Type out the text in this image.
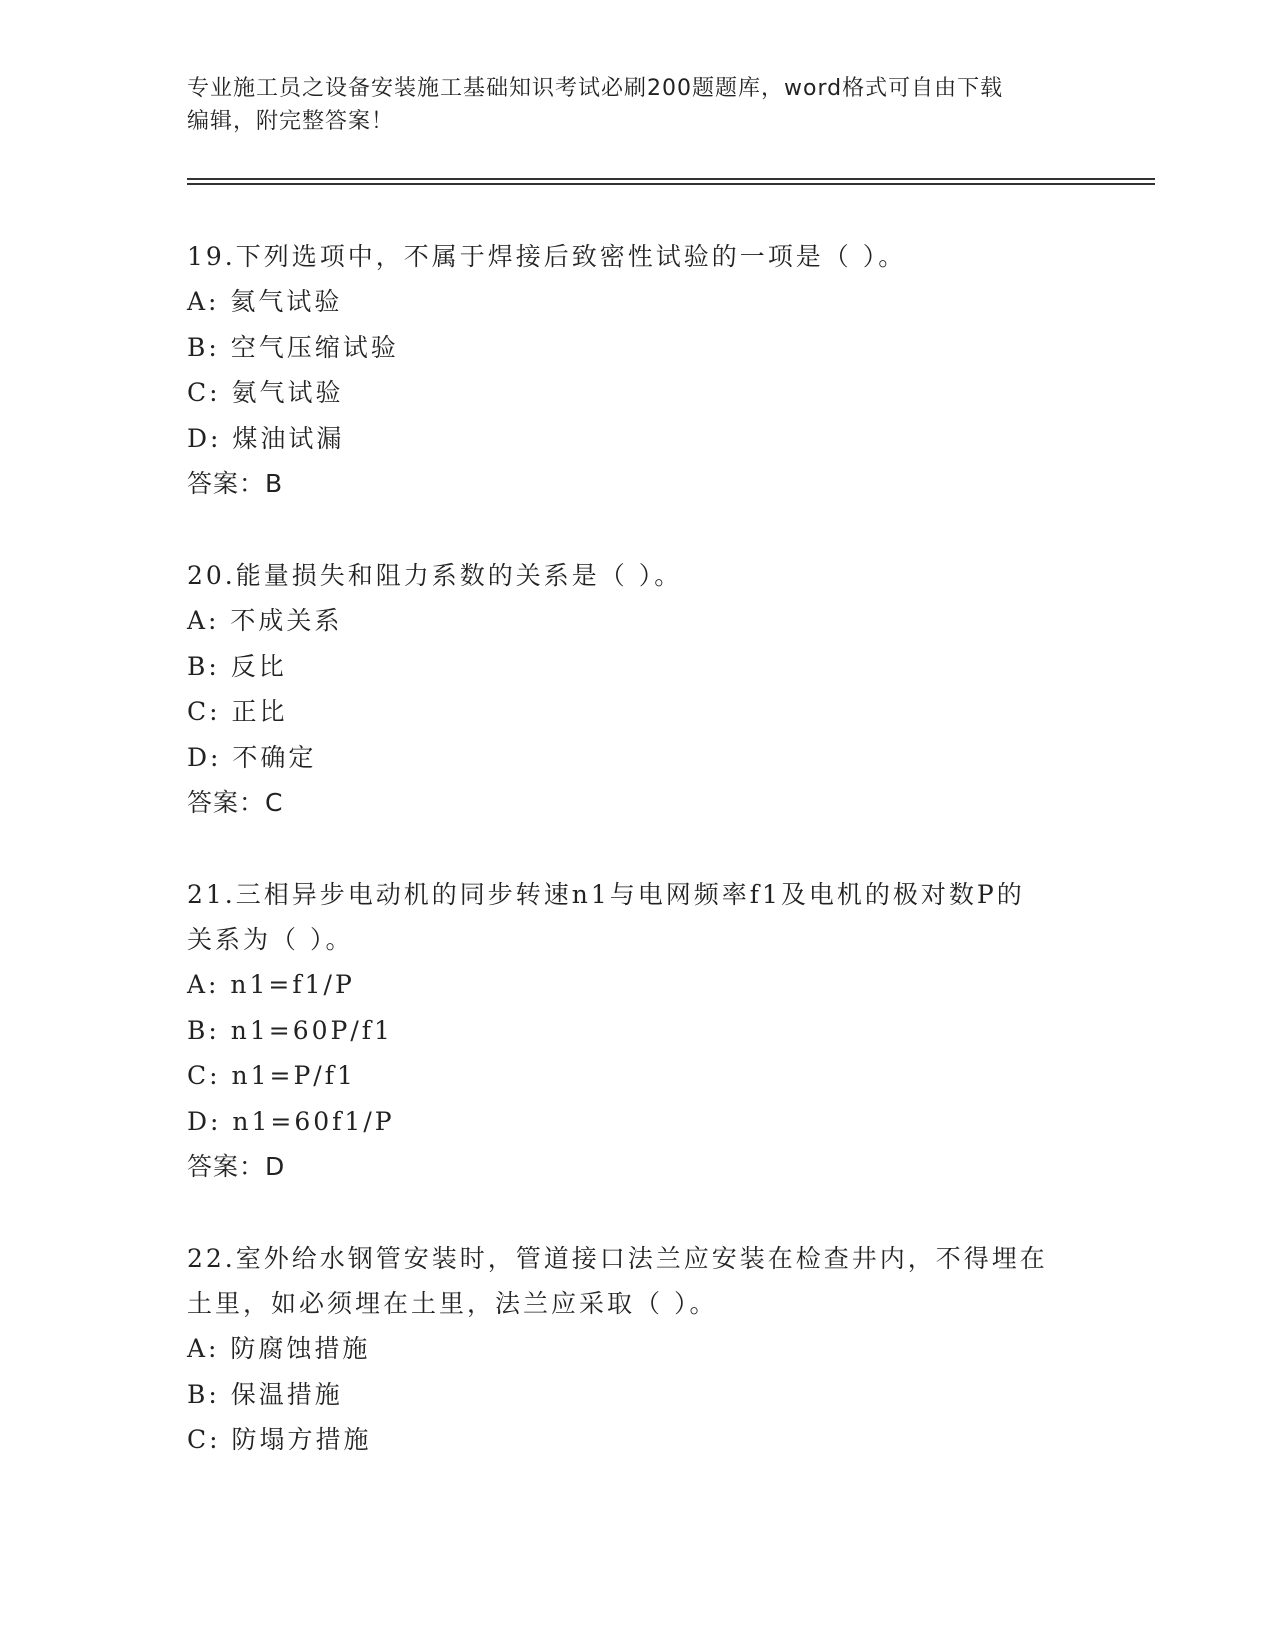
专业施工员之设备安装施工基础知识考试必刷200题题库，word格式可自由下载
编辑，附完整答案！

19.下列选项中，不属于焊接后致密性试验的一项是（ ）。

A: 氦气试验

B: 空气压缩试验

C: 氨气试验

D: 煤油试漏

答案：B

20.能量损失和阻力系数的关系是（ ）。

A: 不成关系

B: 反比

C: 正比

D: 不确定

答案：C

21.三相异步电动机的同步转速n1与电网频率f1及电机的极对数P的

关系为（ ）。

A: n1=f1/P

B: n1=60P/f1

C: n1=P/f1

D: n1=60f1/P

答案：D

22.室外给水钢管安装时，管道接口法兰应安装在检查井内，不得埋在

土里，如必须埋在土里，法兰应采取（ ）。

A: 防腐蚀措施

B: 保温措施

C: 防塌方措施
